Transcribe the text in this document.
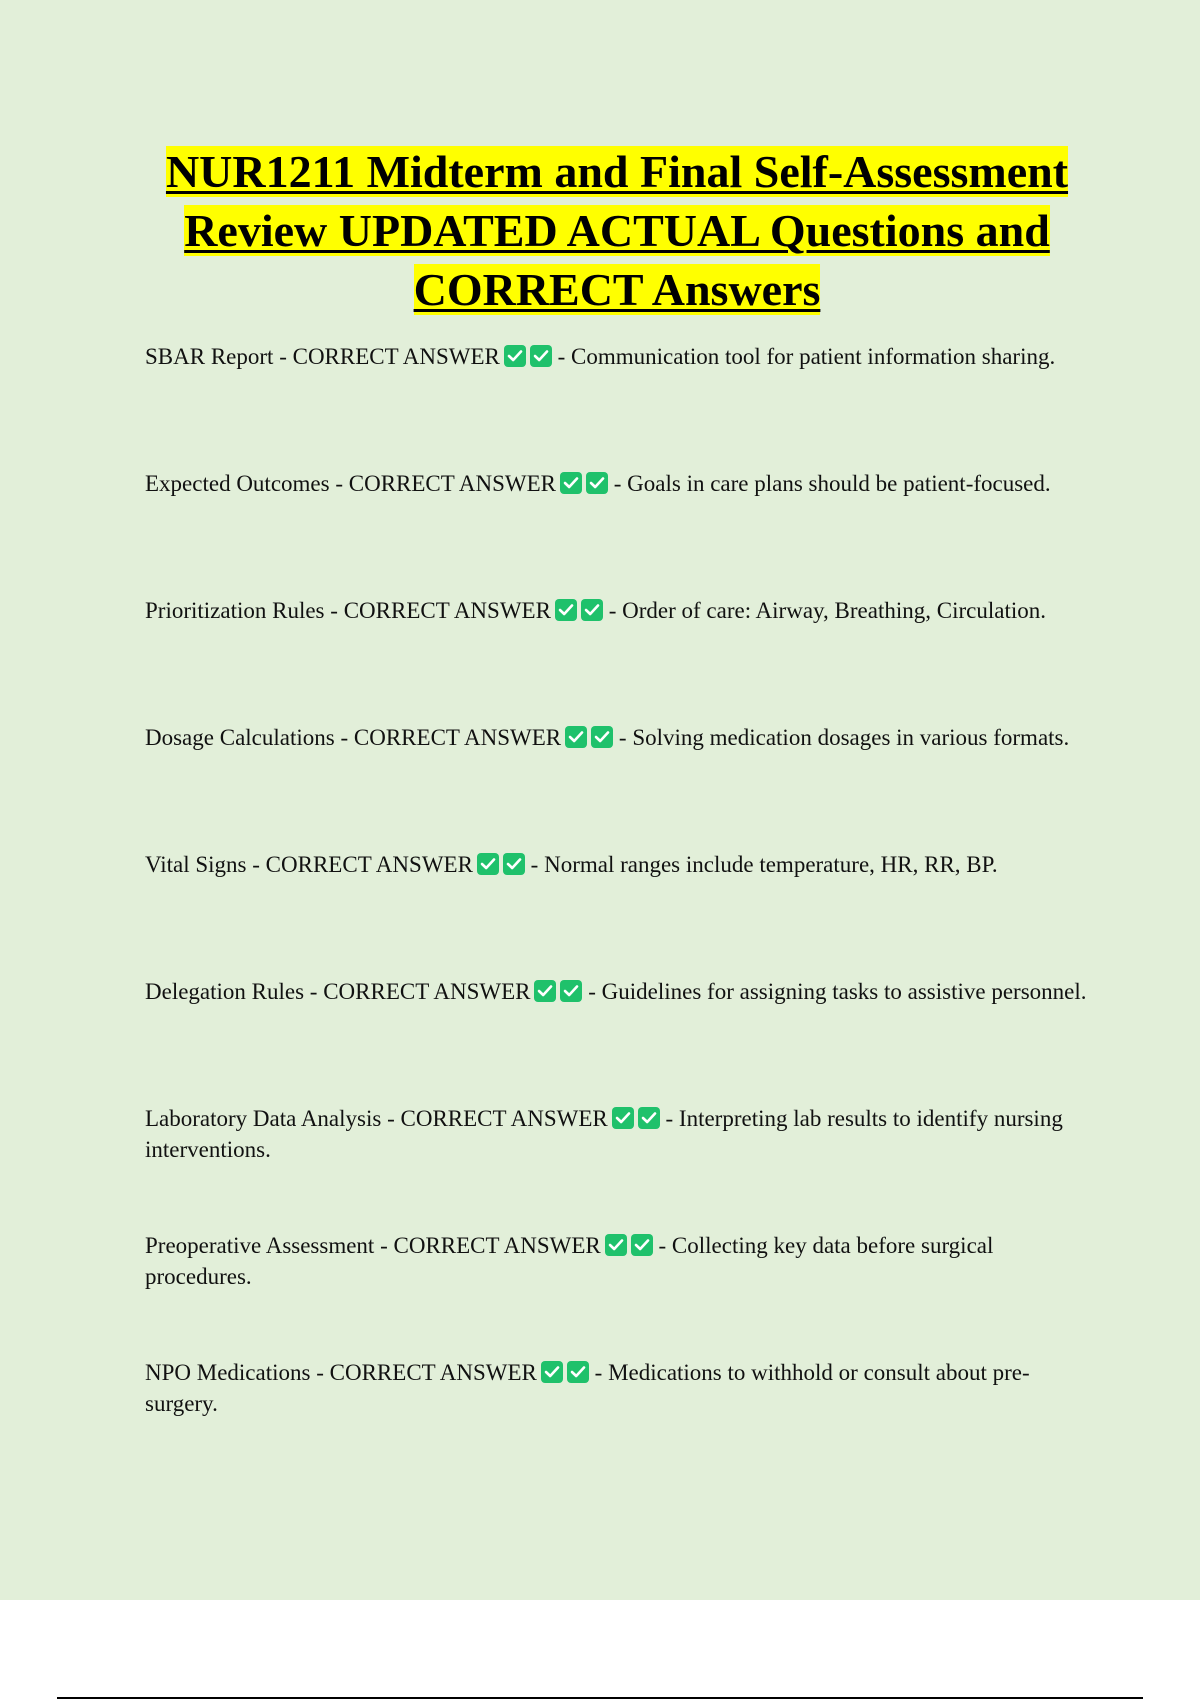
NUR1211 Midterm and Final Self-Assessment Review UPDATED ACTUAL Questions and CORRECT Answers
SBAR Report - CORRECT ANSWER
- Communication tool for patient information sharing.
Expected Outcomes - CORRECT ANSWER
- Goals in care plans should be patient-focused.
Prioritization Rules - CORRECT ANSWER
- Order of care: Airway, Breathing, Circulation.
Dosage Calculations - CORRECT ANSWER
- Solving medication dosages in various formats.
Vital Signs - CORRECT ANSWER
- Normal ranges include temperature, HR, RR, BP.
Delegation Rules - CORRECT ANSWER
- Guidelines for assigning tasks to assistive personnel.
Laboratory Data Analysis - CORRECT ANSWER
- Interpreting lab results to identify nursing interventions.
Preoperative Assessment - CORRECT ANSWER
- Collecting key data before surgical procedures.
NPO Medications - CORRECT ANSWER
- Medications to withhold or consult about pre-surgery.
